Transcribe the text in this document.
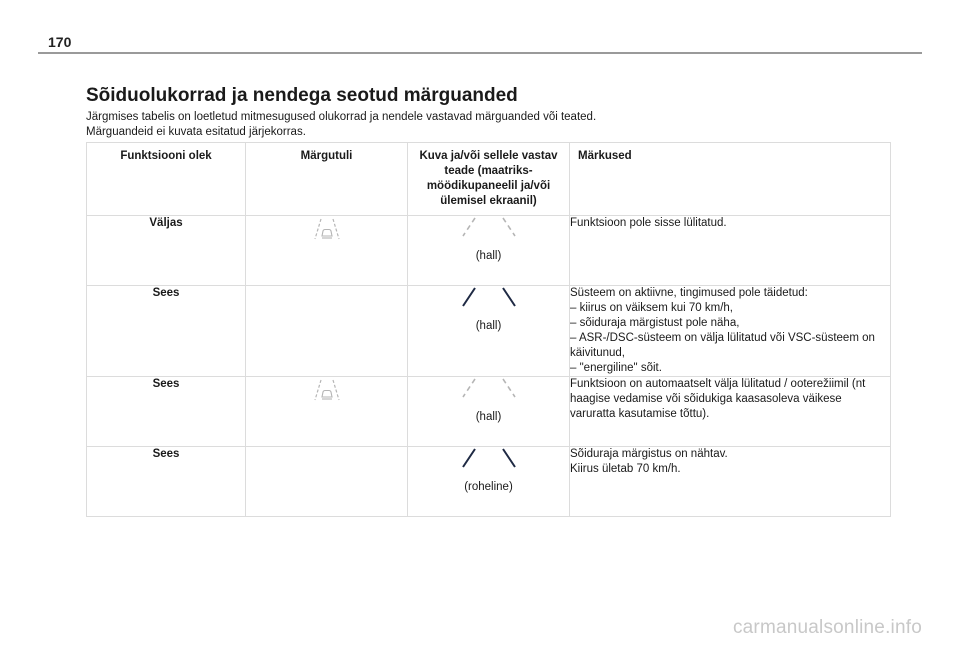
170
Sõiduolukorrad ja nendega seotud märguanded

Järgmises tabelis on loetletud mitmesugused olukorrad ja nendele vastavad märguanded või teated.

Märguandeid ei kuvata esitatud järjekorras.

Funktsiooni olek	Märgutuli	Kuva ja/või sellele vastav teade (maatriks-möödikupaneelil ja/või ülemisel ekraanil)	Märkused
Väljas		(hall)	Funktsioon pole sisse lülitatud.

Sees		(hall)	Süsteem on aktiivne, tingimused pole täidetud:
– kiirus on väiksem kui 70 km/h,
– sõiduraja märgistust pole näha,
– ASR-/DSC-süsteem on välja lülitatud või VSC-süsteem on käivitunud,
– "energiline" sõit.

Sees		(hall)	Funktsioon on automaatselt välja lülitatud / ooterežiimil (nt haagise vedamise või sõidukiga kaasasoleva väikese varuratta kasutamise tõttu).

Sees		(roheline)	Sõiduraja märgistus on nähtav.
Kiirus ületab 70 km/h.
carmanualsonline.info
